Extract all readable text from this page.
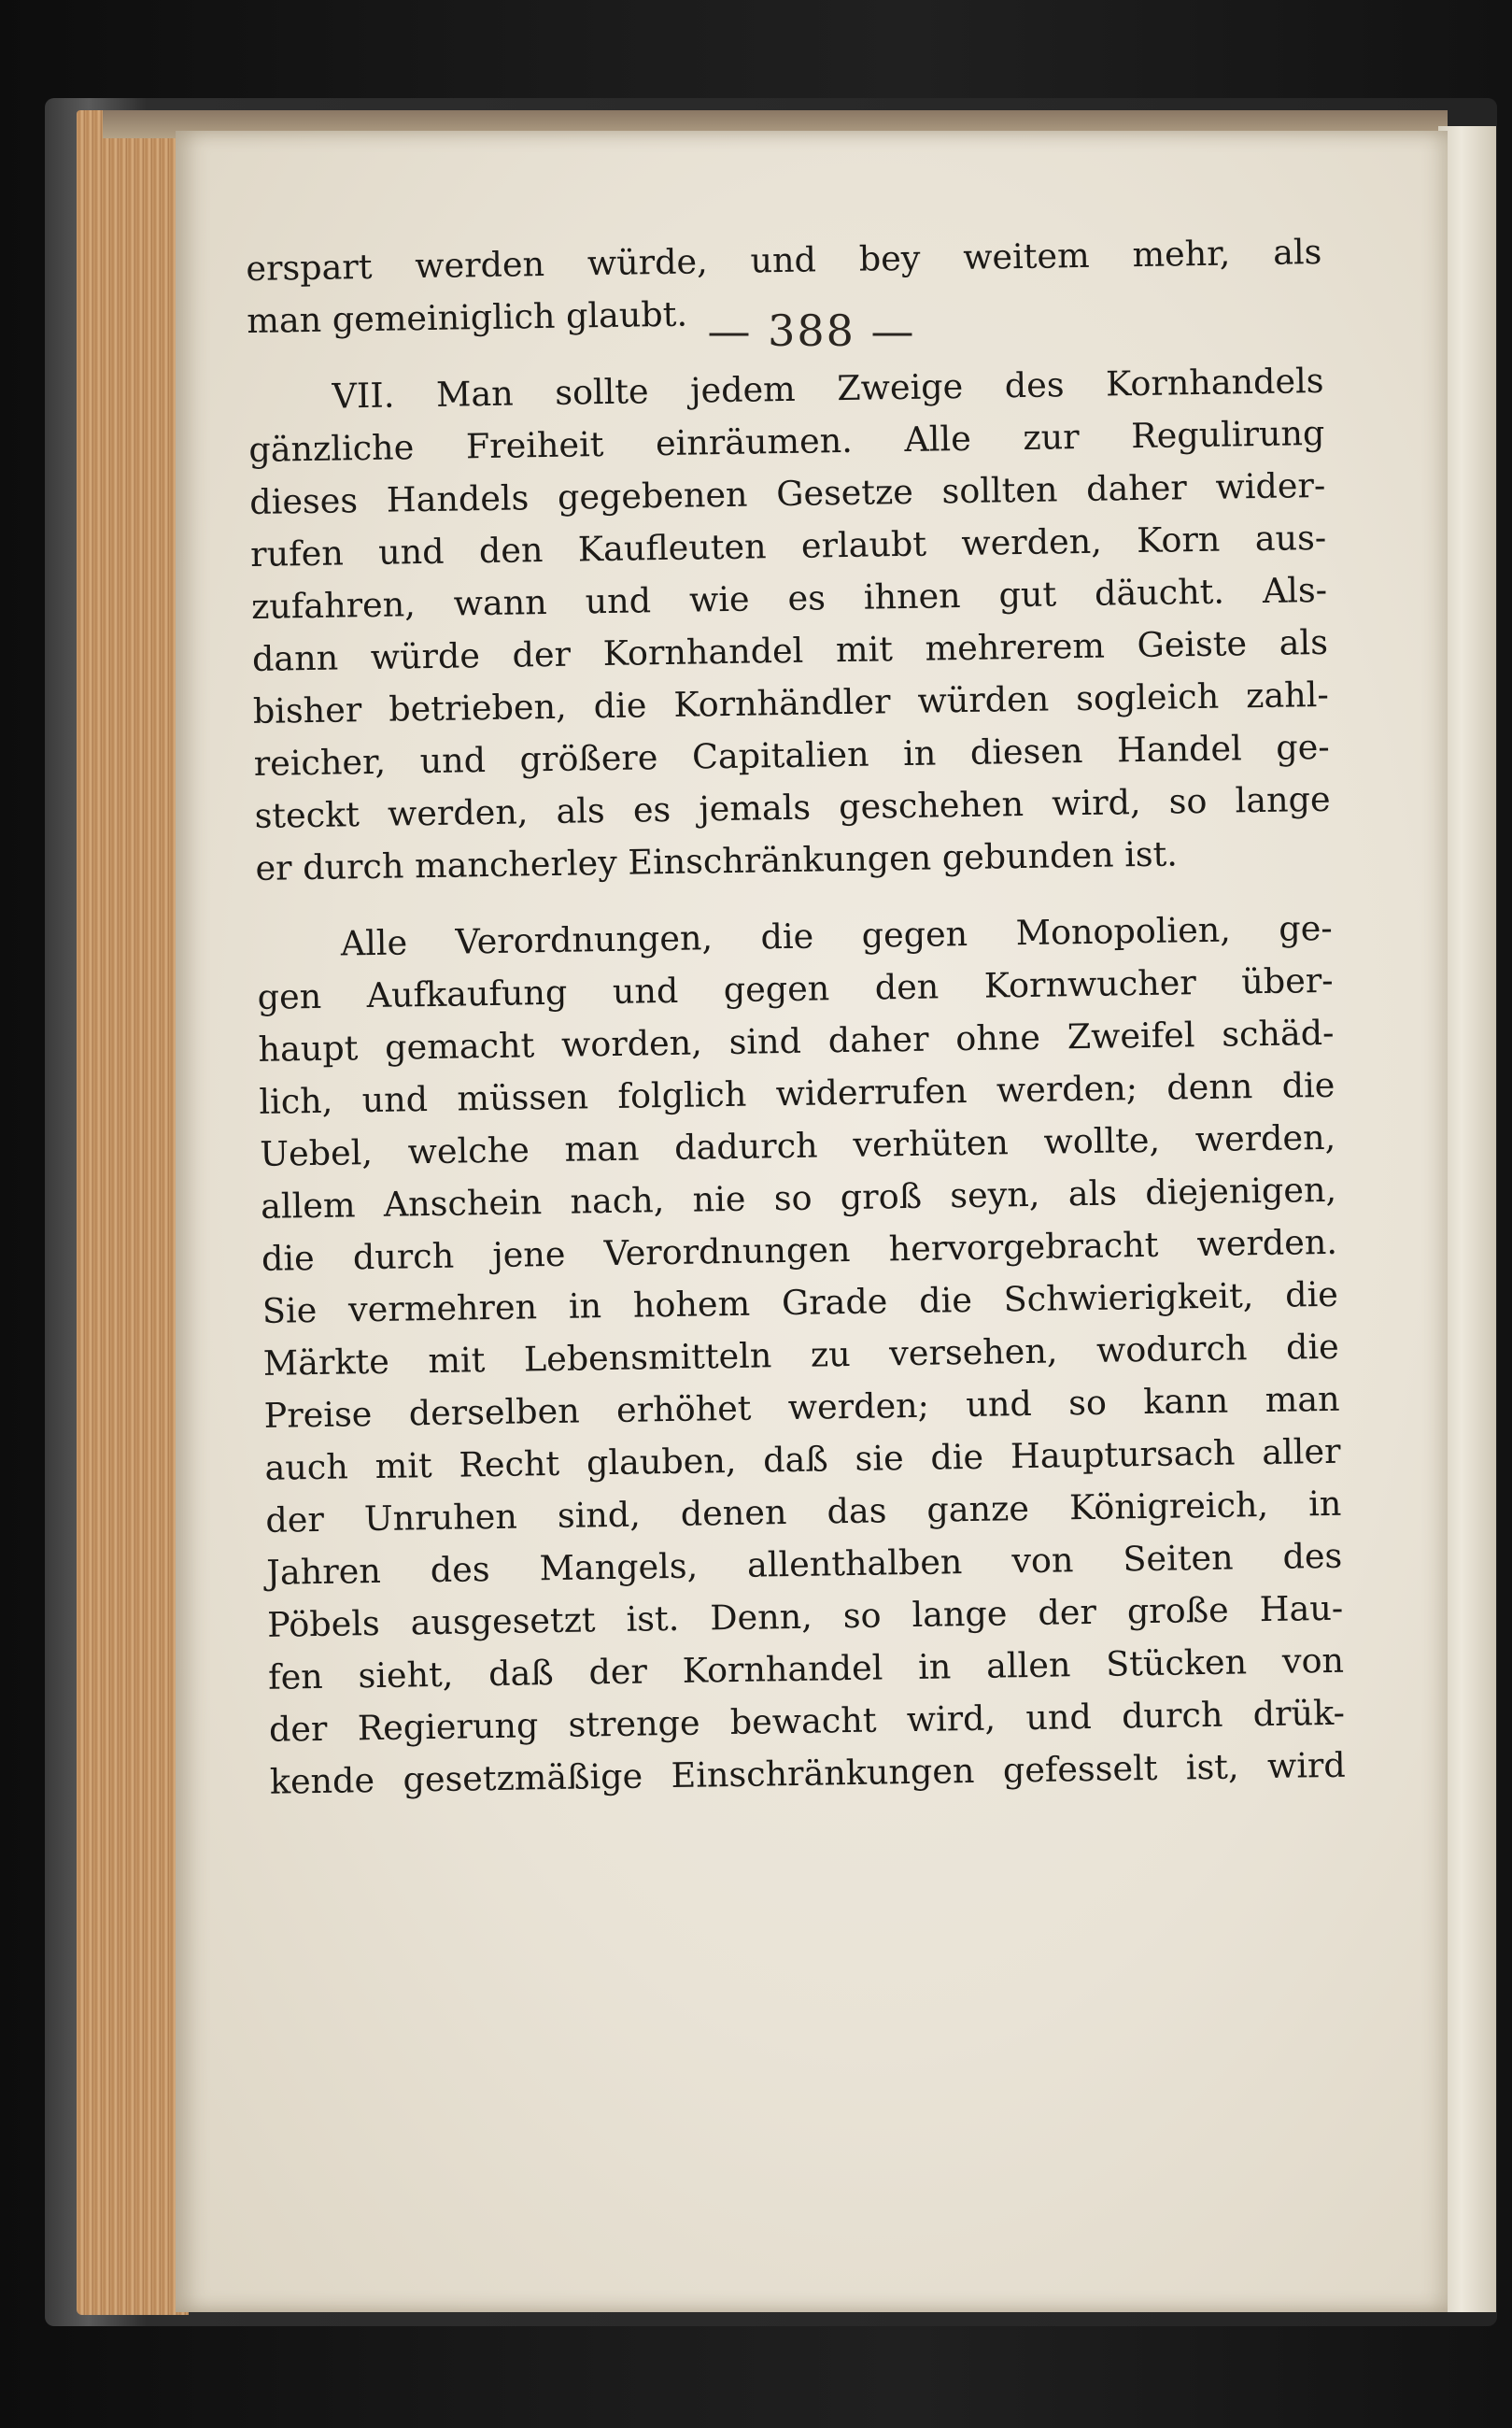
— 388 —
erspart werden würde, und bey weitem mehr, als
man gemeiniglich glaubt.
VII. Man sollte jedem Zweige des Kornhandels
gänzliche Freiheit einräumen. Alle zur Regulirung
dieses Handels gegebenen Gesetze sollten daher wider-
rufen und den Kaufleuten erlaubt werden, Korn aus-
zufahren, wann und wie es ihnen gut däucht. Als-
dann würde der Kornhandel mit mehrerem Geiste als
bisher betrieben, die Kornhändler würden sogleich zahl-
reicher, und größere Capitalien in diesen Handel ge-
steckt werden, als es jemals geschehen wird, so lange
er durch mancherley Einschränkungen gebunden ist.
Alle Verordnungen, die gegen Monopolien, ge-
gen Aufkaufung und gegen den Kornwucher über-
haupt gemacht worden, sind daher ohne Zweifel schäd-
lich, und müssen folglich widerrufen werden; denn die
Uebel, welche man dadurch verhüten wollte, werden,
allem Anschein nach, nie so groß seyn, als diejenigen,
die durch jene Verordnungen hervorgebracht werden.
Sie vermehren in hohem Grade die Schwierigkeit, die
Märkte mit Lebensmitteln zu versehen, wodurch die
Preise derselben erhöhet werden; und so kann man
auch mit Recht glauben, daß sie die Hauptursach aller
der Unruhen sind, denen das ganze Königreich, in
Jahren des Mangels, allenthalben von Seiten des
Pöbels ausgesetzt ist. Denn, so lange der große Hau-
fen sieht, daß der Kornhandel in allen Stücken von
der Regierung strenge bewacht wird, und durch drük-
kende gesetzmäßige Einschränkungen gefesselt ist, wird
